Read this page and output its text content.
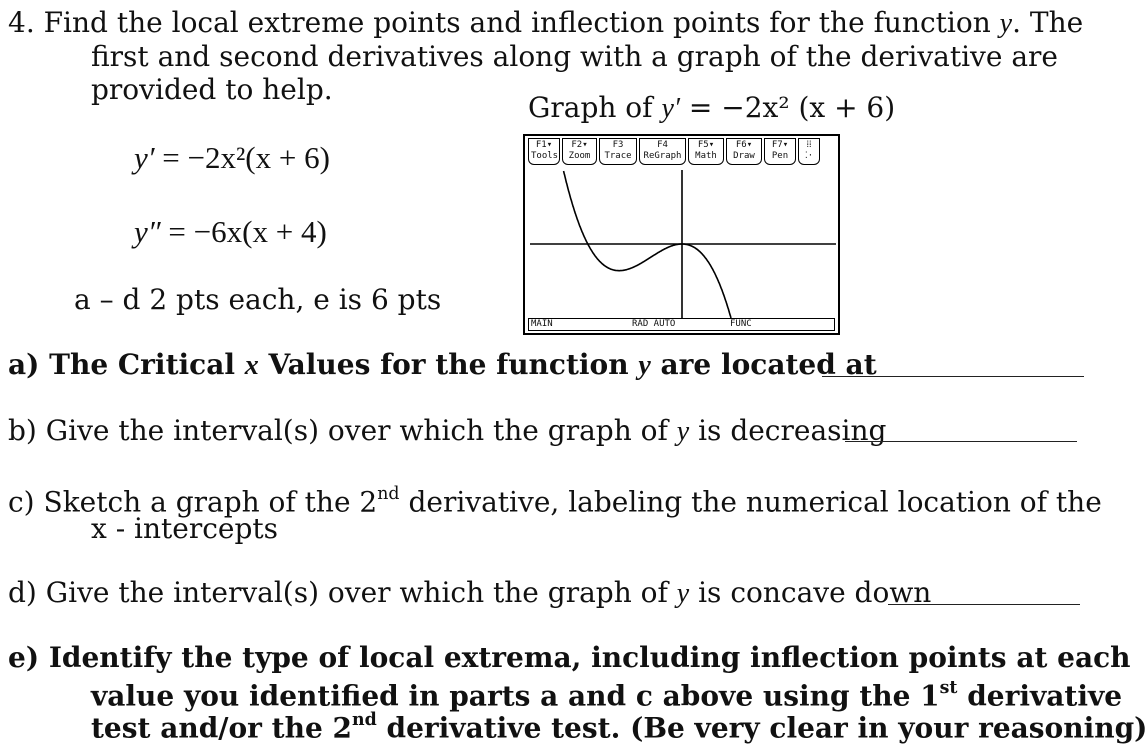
4. Find the local extreme points and inflection points for the function y. The
first and second derivatives along with a graph of the derivative are
provided to help.
Graph of y′ = −2x² (x + 6)
y′ = −2x²(x + 6)
y″ = −6x(x + 4)
a – d 2 pts each, e is 6 pts
F1▾
Tools
F2▾
Zoom
F3
Trace
F4
ReGraph
F5▾
Math
F6▾
Draw
F7▾
Pen
⁞⁞
⁚·
MAIN	RAD AUTO	FUNC
a) The Critical x Values for the function y are located at
b) Give the interval(s) over which the graph of y is decreasing
c) Sketch a graph of the 2nd derivative, labeling the numerical location of the
x - intercepts
d) Give the interval(s) over which the graph of y is concave down
e) Identify the type of local extrema, including inflection points at each
value you identified in parts a and c above using the 1st derivative
test and/or the 2nd derivative test. (Be very clear in your reasoning)
